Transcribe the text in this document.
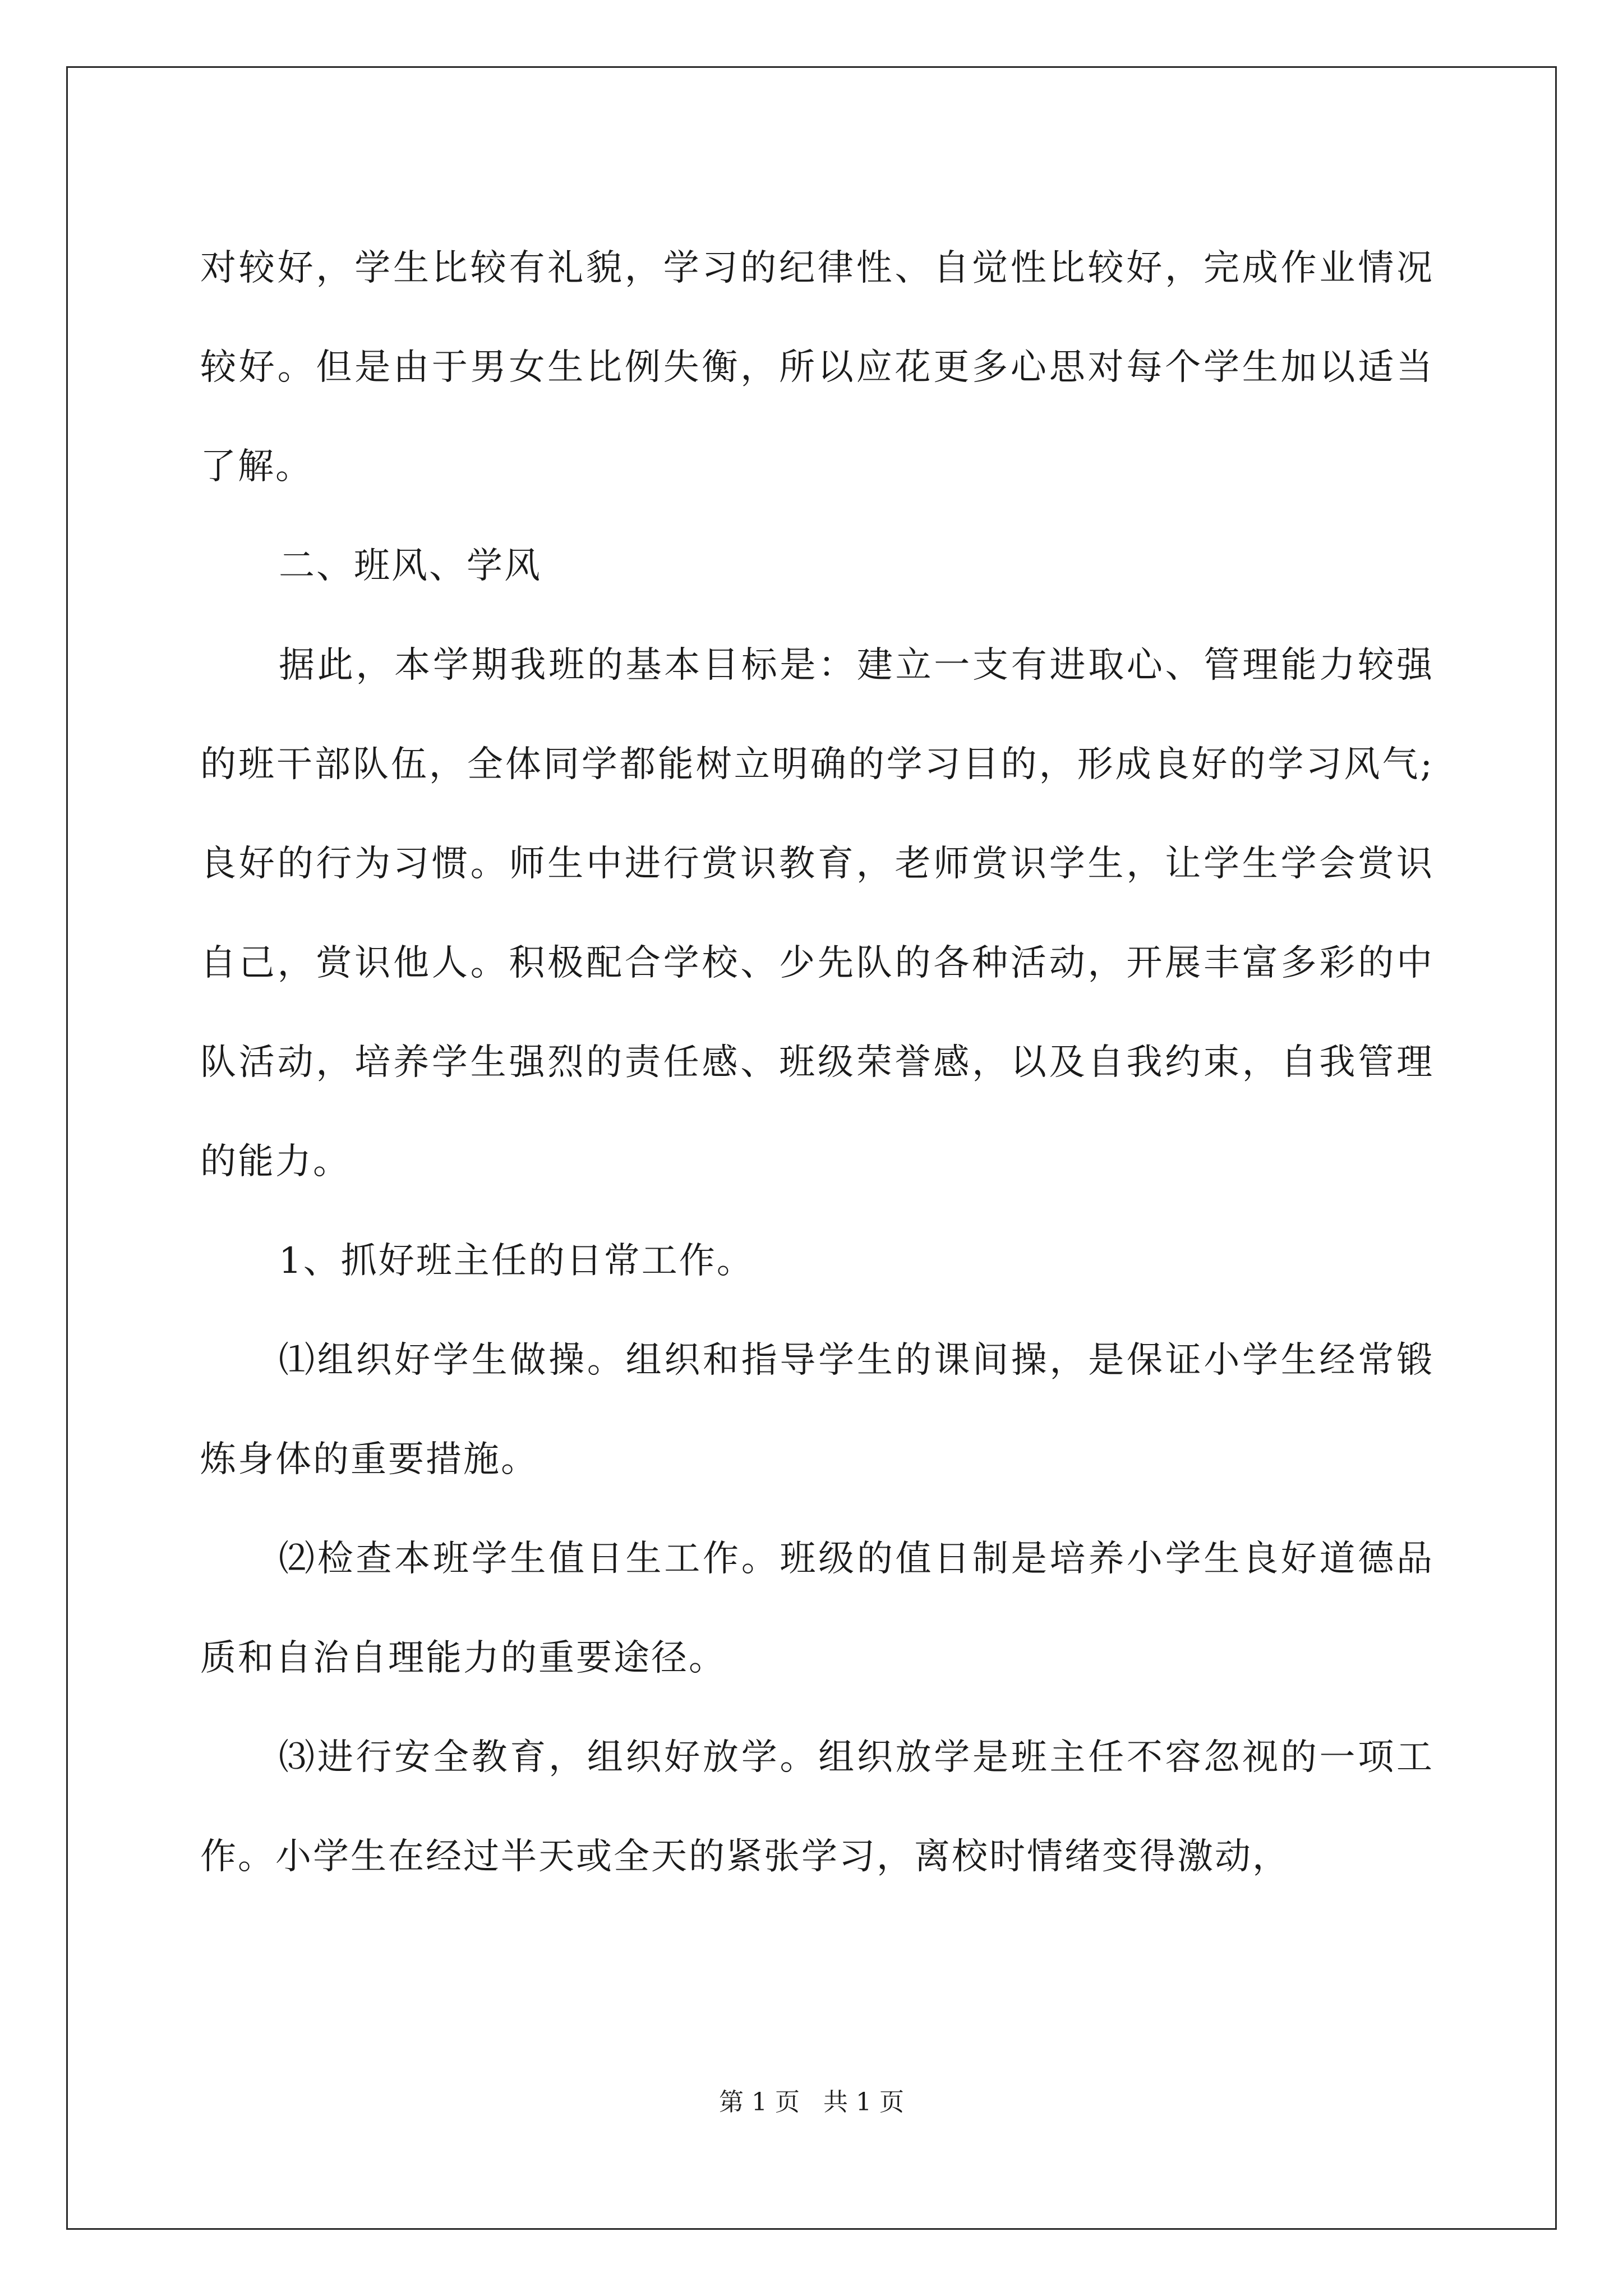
对较好，学生比较有礼貌，学习的纪律性、自觉性比较好，完成作业情况较好。但是由于男女生比例失衡，所以应花更多心思对每个学生加以适当了解。

二、班风、学风

据此，本学期我班的基本目标是：建立一支有进取心、管理能力较强的班干部队伍，全体同学都能树立明确的学习目的，形成良好的学习风气;良好的行为习惯。师生中进行赏识教育，老师赏识学生，让学生学会赏识自己，赏识他人。积极配合学校、少先队的各种活动，开展丰富多彩的中队活动，培养学生强烈的责任感、班级荣誉感，以及自我约束，自我管理的能力。

1、抓好班主任的日常工作。

⑴组织好学生做操。组织和指导学生的课间操，是保证小学生经常锻炼身体的重要措施。

⑵检查本班学生值日生工作。班级的值日制是培养小学生良好道德品质和自治自理能力的重要途径。

⑶进行安全教育，组织好放学。组织放学是班主任不容忽视的一项工作。小学生在经过半天或全天的紧张学习，离校时情绪变得激动，

第 1 页   共 1 页
